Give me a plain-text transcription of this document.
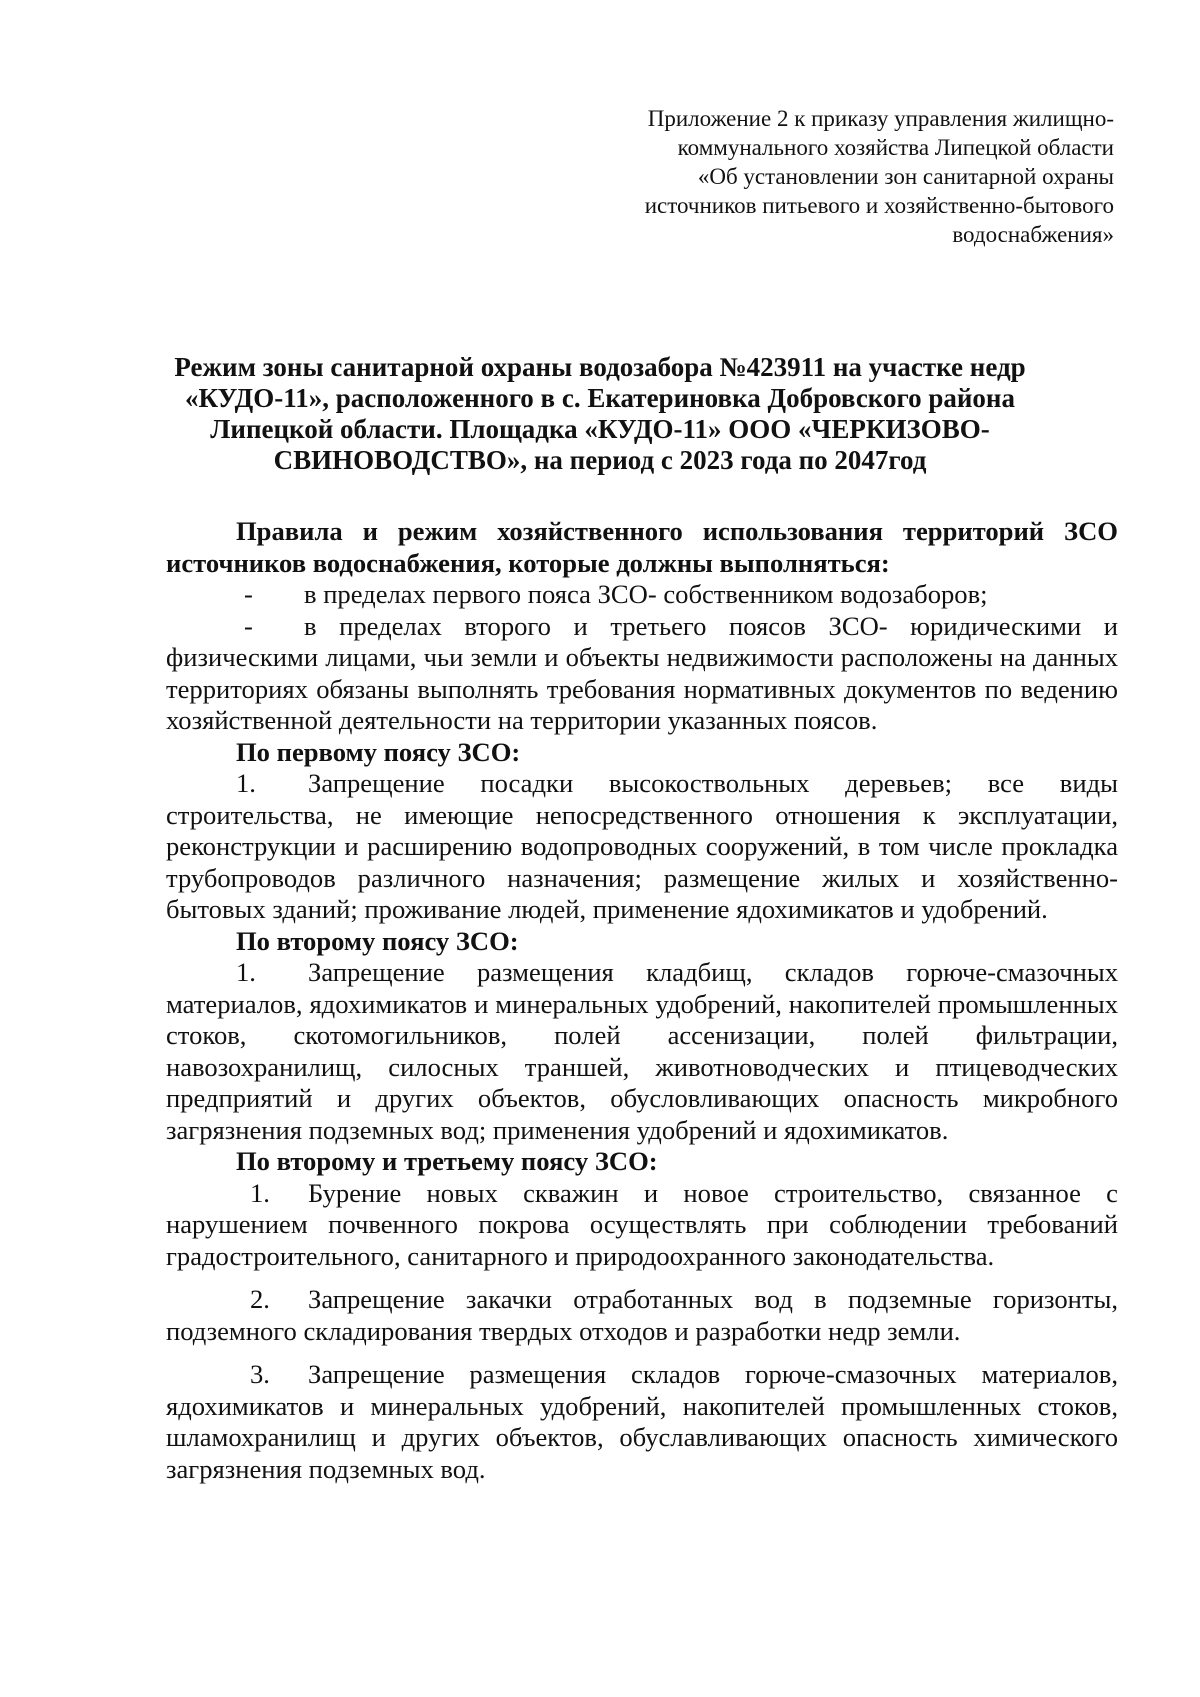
Приложение 2 к приказу управления жилищно-
коммунального хозяйства Липецкой области
«Об установлении зон санитарной охраны
источников питьевого и хозяйственно-бытового
водоснабжения»
Режим зоны санитарной охраны водозабора №423911 на участке недр
«КУДО-11», расположенного в с. Екатериновка Добровского района
Липецкой области. Площадка «КУДО-11» ООО «ЧЕРКИЗОВО-
СВИНОВОДСТВО», на период с 2023 года по 2047год

Правила и режим хозяйственного использования территорий ЗСО источников водоснабжения, которые должны выполняться:

- в пределах первого пояса ЗСО- собственником водозаборов;

- в пределах второго и третьего поясов ЗСО- юридическими и физическими лицами, чьи земли и объекты недвижимости расположены на данных территориях обязаны выполнять требования нормативных документов по ведению хозяйственной деятельности на территории указанных поясов.

По первому поясу ЗСО:

1. Запрещение посадки высокоствольных деревьев; все виды строительства, не имеющие непосредственного отношения к эксплуатации, реконструкции и расширению водопроводных сооружений, в том числе прокладка трубопроводов различного назначения; размещение жилых и хозяйственно-бытовых зданий; проживание людей, применение ядохимикатов и удобрений.

По второму поясу ЗСО:

1. Запрещение размещения кладбищ, складов горюче-смазочных материалов, ядохимикатов и минеральных удобрений, накопителей промышленных стоков, скотомогильников, полей ассенизации, полей фильтрации, навозохранилищ, силосных траншей, животноводческих и птицеводческих предприятий и других объектов, обусловливающих опасность микробного загрязнения подземных вод; применения удобрений и ядохимикатов.

По второму и третьему поясу ЗСО:

1. Бурение новых скважин и новое строительство, связанное с нарушением почвенного покрова осуществлять при соблюдении требований градостроительного, санитарного и природоохранного законодательства.

2. Запрещение закачки отработанных вод в подземные горизонты, подземного складирования твердых отходов и разработки недр земли.

3. Запрещение размещения складов горюче-смазочных материалов, ядохимикатов и минеральных удобрений, накопителей промышленных стоков, шламохранилищ и других объектов, обуславливающих опасность химического загрязнения подземных вод.
